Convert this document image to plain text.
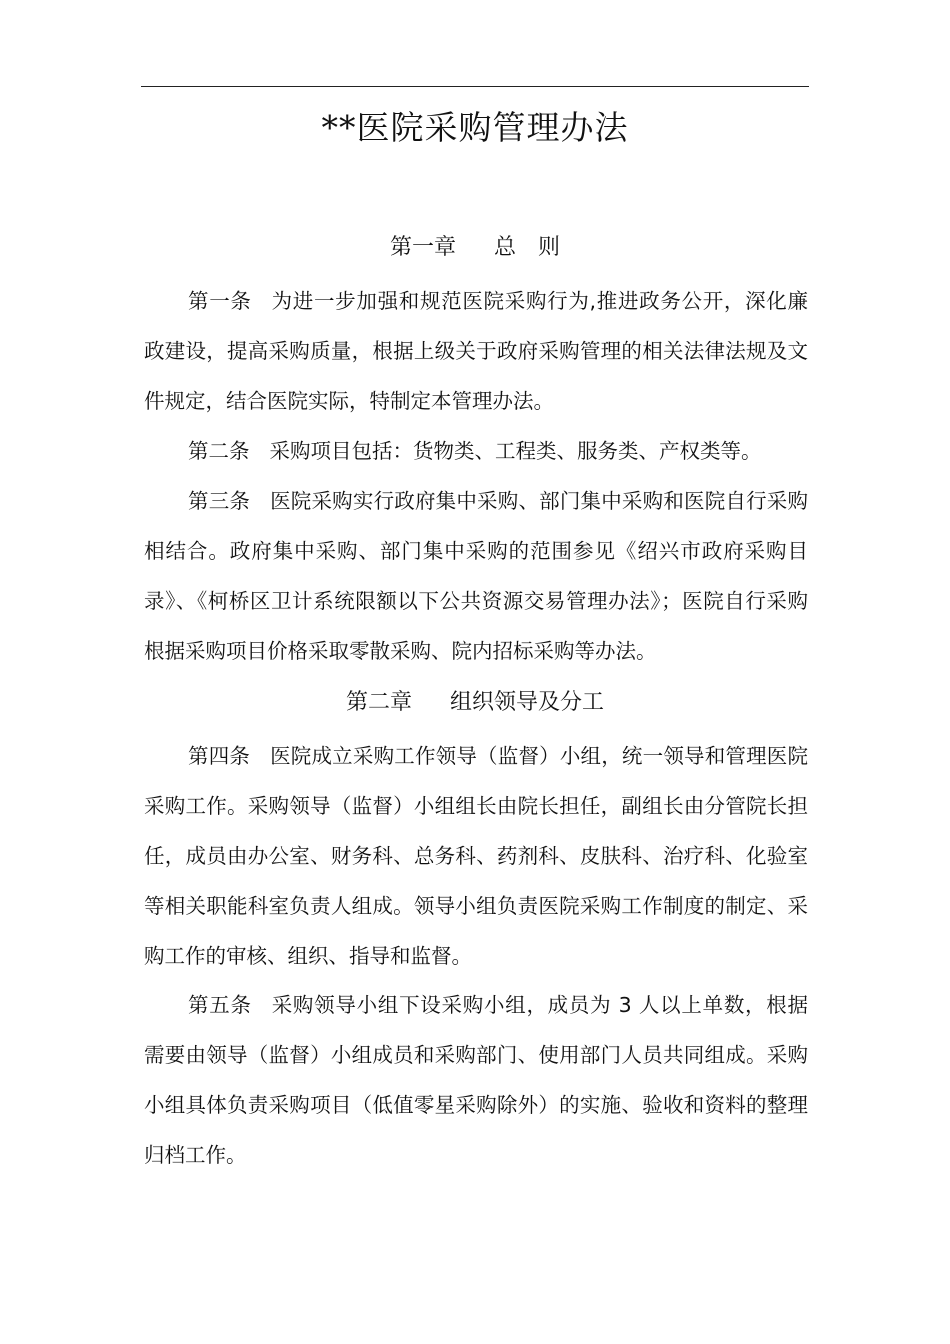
**医院采购管理办法
第一章 总　则

第一条 为进一步加强和规范医院采购行为,推进政务公开，深化廉政建设，提高采购质量，根据上级关于政府采购管理的相关法律法规及文件规定，结合医院实际，特制定本管理办法。

第二条 采购项目包括：货物类、工程类、服务类、产权类等。

第三条 医院采购实行政府集中采购、部门集中采购和医院自行采购相结合。政府集中采购、部门集中采购的范围参见《绍兴市政府采购目录》、《柯桥区卫计系统限额以下公共资源交易管理办法》；医院自行采购根据采购项目价格采取零散采购、院内招标采购等办法。

第二章 组织领导及分工

第四条 医院成立采购工作领导（监督）小组，统一领导和管理医院采购工作。采购领导（监督）小组组长由院长担任，副组长由分管院长担任，成员由办公室、财务科、总务科、药剂科、皮肤科、治疗科、化验室等相关职能科室负责人组成。领导小组负责医院采购工作制度的制定、采购工作的审核、组织、指导和监督。

第五条 采购领导小组下设采购小组，成员为 3 人以上单数，根据需要由领导（监督）小组成员和采购部门、使用部门人员共同组成。采购小组具体负责采购项目（低值零星采购除外）的实施、验收和资料的整理归档工作。
